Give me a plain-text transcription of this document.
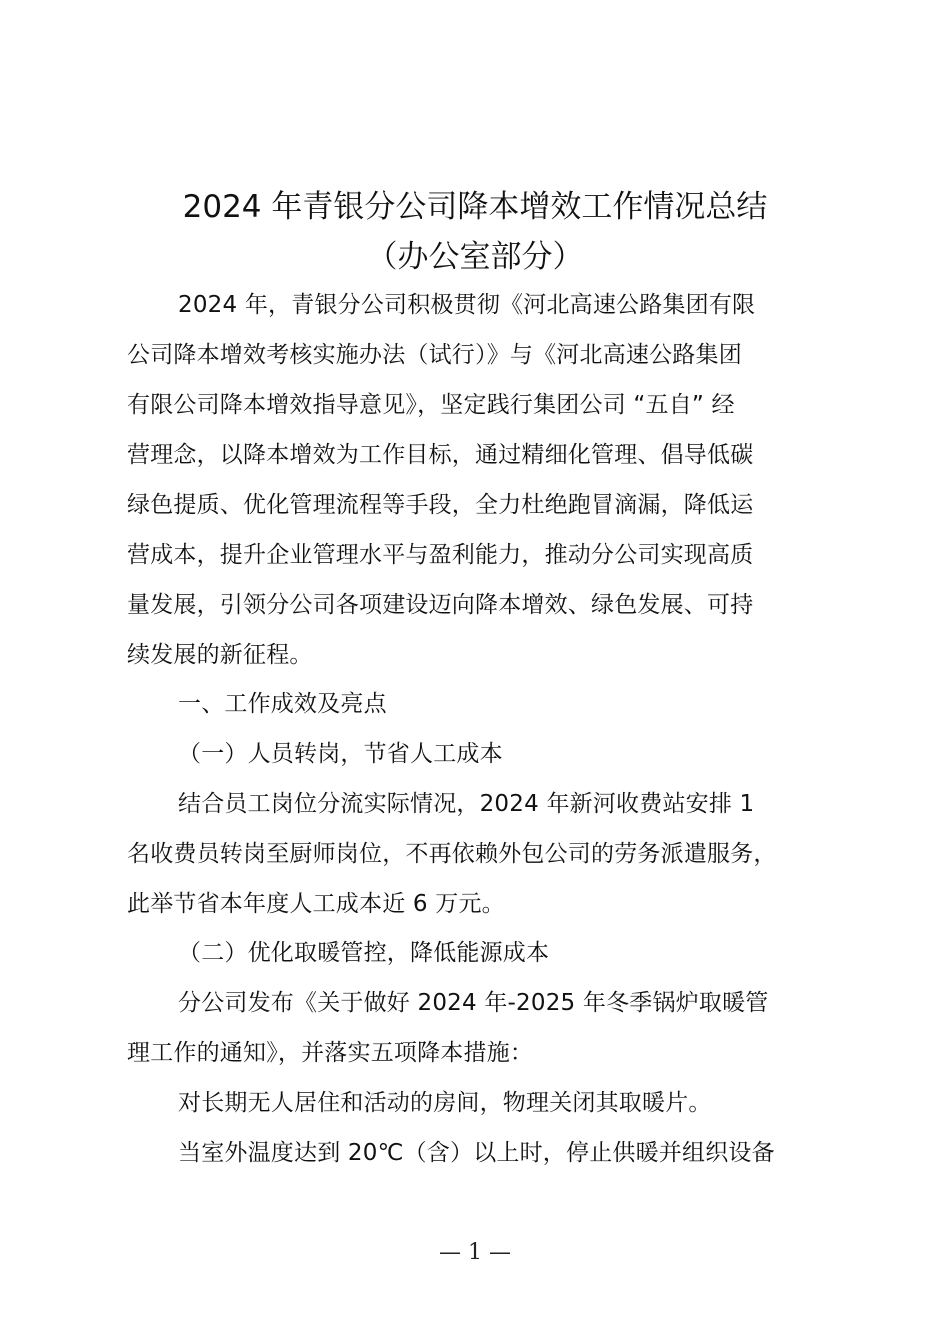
2024 年青银分公司降本增效工作情况总结
（办公室部分）
2024 年，青银分公司积极贯彻《河北高速公路集团有限
公司降本增效考核实施办法（试行）》与《河北高速公路集团
有限公司降本增效指导意见》，坚定践行集团公司 “五自” 经
营理念，以降本增效为工作目标，通过精细化管理、倡导低碳
绿色提质、优化管理流程等手段，全力杜绝跑冒滴漏，降低运
营成本，提升企业管理水平与盈利能力，推动分公司实现高质
量发展，引领分公司各项建设迈向降本增效、绿色发展、可持
续发展的新征程。
一、工作成效及亮点
（一）人员转岗，节省人工成本
结合员工岗位分流实际情况，2024 年新河收费站安排 1
名收费员转岗至厨师岗位，不再依赖外包公司的劳务派遣服务，
此举节省本年度人工成本近 6 万元。
（二）优化取暖管控，降低能源成本
分公司发布《关于做好 2024 年-2025 年冬季锅炉取暖管
理工作的通知》，并落实五项降本措施：
对长期无人居住和活动的房间，物理关闭其取暖片。
当室外温度达到 20℃（含）以上时，停止供暖并组织设备
— 1 —
